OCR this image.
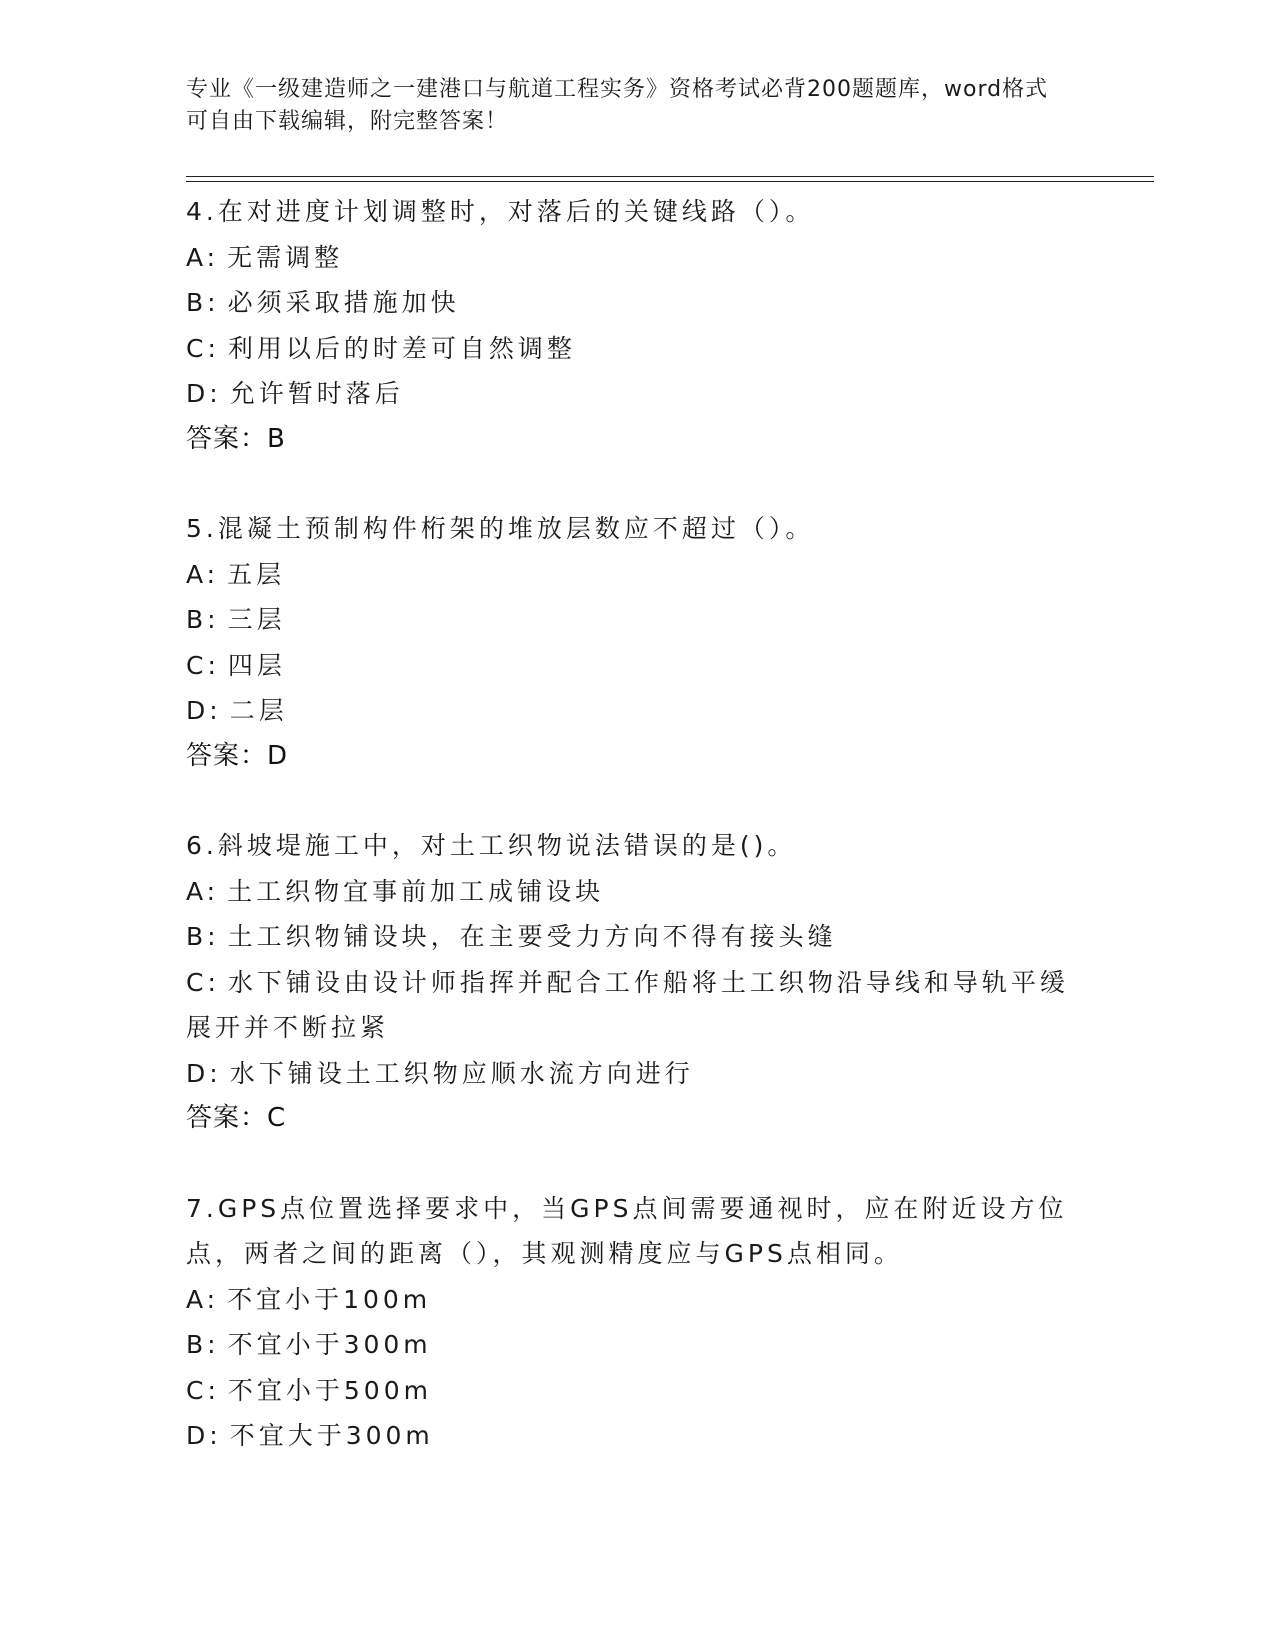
专业《一级建造师之一建港口与航道工程实务》资格考试必背200题题库，word格式可自由下载编辑，附完整答案！
4.在对进度计划调整时，对落后的关键线路（）。
A: 无需调整
B: 必须采取措施加快
C: 利用以后的时差可自然调整
D: 允许暂时落后
答案：B
5.混凝土预制构件桁架的堆放层数应不超过（）。
A: 五层
B: 三层
C: 四层
D: 二层
答案：D
6.斜坡堤施工中，对土工织物说法错误的是()。
A: 土工织物宜事前加工成铺设块
B: 土工织物铺设块，在主要受力方向不得有接头缝
C: 水下铺设由设计师指挥并配合工作船将土工织物沿导线和导轨平缓展开并不断拉紧
D: 水下铺设土工织物应顺水流方向进行
答案：C
7.GPS点位置选择要求中，当GPS点间需要通视时，应在附近设方位点，两者之间的距离（），其观测精度应与GPS点相同。
A: 不宜小于100m
B: 不宜小于300m
C: 不宜小于500m
D: 不宜大于300m
